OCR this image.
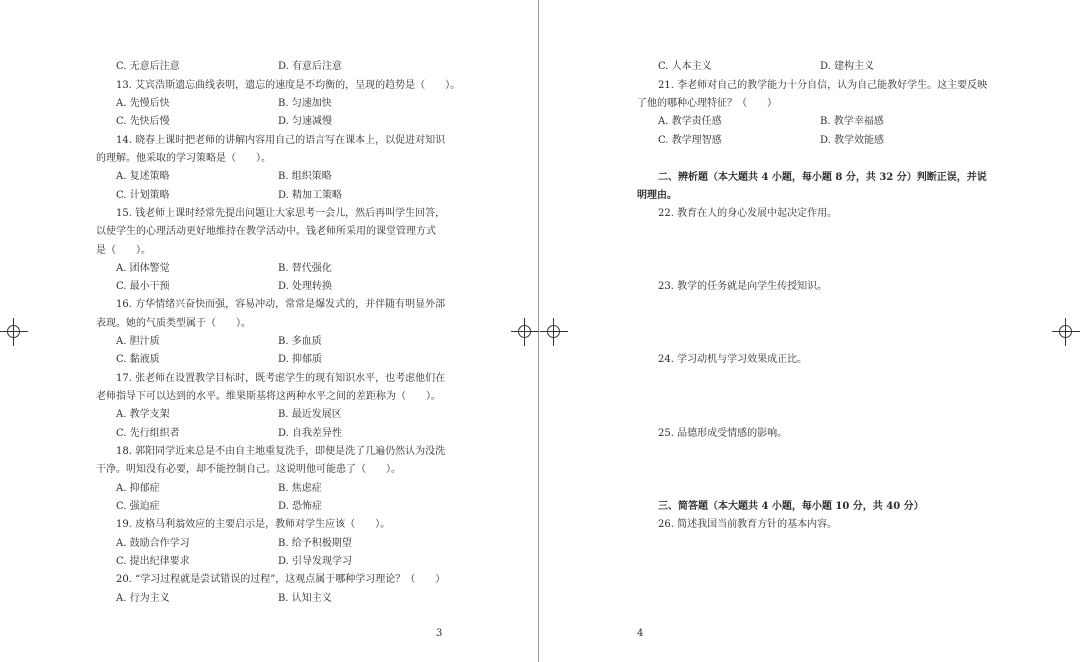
C. 无意后注意	D. 有意后注意
13. 艾宾浩斯遗忘曲线表明，遗忘的速度是不均衡的，呈现的趋势是（　　）。
A. 先慢后快	B. 匀速加快
C. 先快后慢	D. 匀速减慢
14. 晓春上课时把老师的讲解内容用自己的语言写在课本上，以促进对知识
的理解。他采取的学习策略是（　　）。
A. 复述策略	B. 组织策略
C. 计划策略	D. 精加工策略
15. 钱老师上课时经常先提出问题让大家思考一会儿，然后再叫学生回答，
以使学生的心理活动更好地维持在教学活动中。钱老师所采用的课堂管理方式
是（　　）。
A. 团体警觉	B. 替代强化
C. 最小干预	D. 处理转换
16. 方华情绪兴奋快而强，容易冲动，常常是爆发式的，并伴随有明显外部
表现。她的气质类型属于（　　）。
A. 胆汁质	B. 多血质
C. 黏液质	D. 抑郁质
17. 张老师在设置教学目标时，既考虑学生的现有知识水平，也考虑他们在
老师指导下可以达到的水平。维果斯基将这两种水平之间的差距称为（　　）。
A. 教学支架	B. 最近发展区
C. 先行组织者	D. 自我差异性
18. 郭阳同学近来总是不由自主地重复洗手，即便是洗了几遍仍然认为没洗
干净。明知没有必要，却不能控制自己。这说明他可能患了（　　）。
A. 抑郁症	B. 焦虑症
C. 强迫症	D. 恐怖症
19. 皮格马利翁效应的主要启示是，教师对学生应该（　　）。
A. 鼓励合作学习	B. 给予积极期望
C. 提出纪律要求	D. 引导发现学习
20. “学习过程就是尝试错误的过程”，这观点属于哪种学习理论？（　　）
A. 行为主义	B. 认知主义
3
C. 人本主义	D. 建构主义
21. 李老师对自己的教学能力十分自信，认为自己能教好学生。这主要反映
了他的哪种心理特征？（　　）
A. 教学责任感	B. 教学幸福感
C. 教学理智感	D. 教学效能感
二、辨析题（本大题共 4 小题，每小题 8 分，共 32 分）判断正误，并说
明理由。
22. 教育在人的身心发展中起决定作用。
23. 教学的任务就是向学生传授知识。
24. 学习动机与学习效果成正比。
25. 品德形成受情感的影响。
三、简答题（本大题共 4 小题，每小题 10 分，共 40 分）
26. 简述我国当前教育方针的基本内容。
4
